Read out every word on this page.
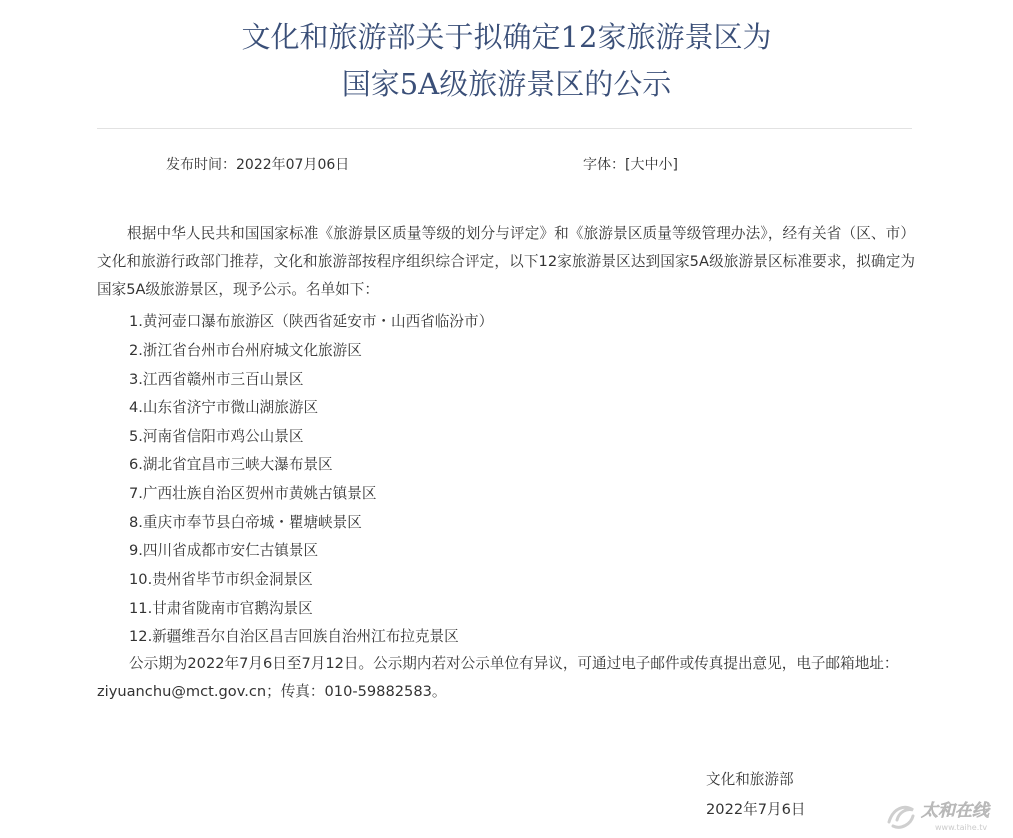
文化和旅游部关于拟确定12家旅游景区为
国家5A级旅游景区的公示
发布时间：2022年07月06日	字体：[大中小]
根据中华人民共和国国家标准《旅游景区质量等级的划分与评定》和《旅游景区质量等级管理办法》，经有关省（区、市）文化和旅游行政部门推荐，文化和旅游部按程序组织综合评定，以下12家旅游景区达到国家5A级旅游景区标准要求，拟确定为国家5A级旅游景区，现予公示。名单如下：
1.黄河壶口瀑布旅游区（陕西省延安市・山西省临汾市）
2.浙江省台州市台州府城文化旅游区
3.江西省赣州市三百山景区
4.山东省济宁市微山湖旅游区
5.河南省信阳市鸡公山景区
6.湖北省宜昌市三峡大瀑布景区
7.广西壮族自治区贺州市黄姚古镇景区
8.重庆市奉节县白帝城・瞿塘峡景区
9.四川省成都市安仁古镇景区
10.贵州省毕节市织金洞景区
11.甘肃省陇南市官鹅沟景区
12.新疆维吾尔自治区昌吉回族自治州江布拉克景区
公示期为2022年7月6日至7月12日。公示期内若对公示单位有异议，可通过电子邮件或传真提出意见，电子邮箱地址：ziyuanchu@mct.gov.cn；传真：010-59882583。
文化和旅游部
2022年7月6日	太和在线
www.taihe.tv
